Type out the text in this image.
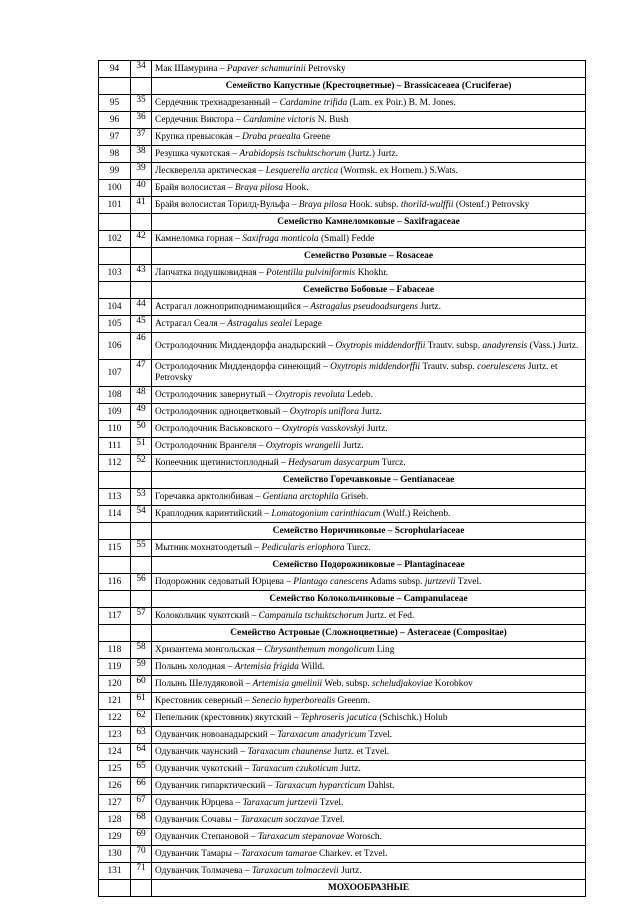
94	34	Мак Шамурина – Papaver schamurinii Petrovsky
		Семейство Капустные (Крестоцветные) – Brassicaceaea (Cruciferae)
95	35	Сердечник трехнадрезанный – Cardamine trifida (Lam. ex Poir.) B. M. Jones.
96	36	Сердечник Виктора – Cardamine victoris N. Bush
97	37	Крупка превысокая – Draba praealta Greene
98	38	Резушка чукотская – Arabidopsis tschuktschorum (Jurtz.) Jurtz.
99	39	Лесквереллa арктическая – Lesquerella arctica (Wormsk. ex Hornem.) S.Wats.
100	40	Брайя волосистая – Braya pilosa Hook.
101	41	Брайя волосистая Торилд-Вульфа – Braya pilosa Hook. subsp. thorild-wulffii (Ostenf.) Petrovsky
		Семейство Камнеломковые – Saxifragaceae
102	42	Камнеломка горная – Saxifraga monticola (Small) Fedde
		Семейство Розовые – Rosaceae
103	43	Лапчатка подушковидная – Potentilla pulviniformis Khokhr.
		Семейство Бобовые – Fabaceae
104	44	Астрагал ложноприподнимающийся – Astragalus pseudoadsurgens Jurtz.
105	45	Астрагал Сеаля – Astragalus sealei Lepage
106	46	Остролодочник Миддендорфа анадырский – Oxytropis middendorffii Trautv. subsp. anadyrensis (Vass.) Jurtz.
107	47	Остролодочник Миддендорфа синеющий – Oxytropis middendorffii Trautv. subsp. coerulescens Jurtz. et Petrovsky
108	48	Остролодочник завернутый – Oxytropis revoluta Ledeb.
109	49	Остролодочник одноцветковый – Oxytropis uniflora Jurtz.
110	50	Остролодочник Васьковского – Oxytropis vasskovskyi Jurtz.
111	51	Остролодочник Врангеля – Oxytropis wrangelii Jurtz.
112	52	Копеечник щетинистоплодный – Hedysarum dasycarpum Turcz.
		Семейство Горечавковые – Gentianaceae
113	53	Горечавка арктолюбивая – Gentiana arctophila Griseb.
114	54	Краплодник каринтийский – Lomatogonium carinthiacum (Wulf.) Reichenb.
		Семейство Норичниковые – Scrophulariaceae
115	55	Мытник мохнатоодетый – Pedicularis eriophora Turcz.
		Семейство Подорожниковые – Plantaginaceae
116	56	Подорожник седоватый Юрцева – Plantago canescens Adams subsp. jurtzevii Tzvel.
		Семейство Колокольчиковые – Campanulaceae
117	57	Колокольчик чукотский – Campanula tschuktschorum Jurtz. et Fed.
		Семейство Астровые (Сложноцветные) – Asteraceae (Compositae)
118	58	Хризантема монгольская – Chrysanthemum mongolicum Ling
119	59	Полынь холодная – Artemisia frigida Willd.
120	60	Полынь Шелудяковой – Artemisia gmelinii Web. subsp. scheludjakoviae Korobkov
121	61	Крестовник северный – Senecio hyperborealis Greenm.
122	62	Пепельник (крестовник) якутский – Tephroseris jacutica (Schischk.) Holub
123	63	Одуванчик новоанадырский – Taraxacum anadyricum Tzvel.
124	64	Одуванчик чаунский – Taraxacum chaunense Jurtz. et Tzvel.
125	65	Одуванчик чукотский – Taraxacum czukoticum Jurtz.
126	66	Одуванчик гипарктический – Taraxacum hyparcticum Dahlst.
127	67	Одуванчик Юрцева – Taraxacum jurtzevii Tzvel.
128	68	Одуванчик Сочавы – Taraxacum soczavae Tzvel.
129	69	Одуванчик Степановой – Taraxacum stepanovae Worosch.
130	70	Одуванчик Тамары – Taraxacum tamarae Charkev. et Tzvel.
131	71	Одуванчик Толмачева – Taraxacum tolmaczevii Jurtz.
		МОХООБРАЗНЫЕ
